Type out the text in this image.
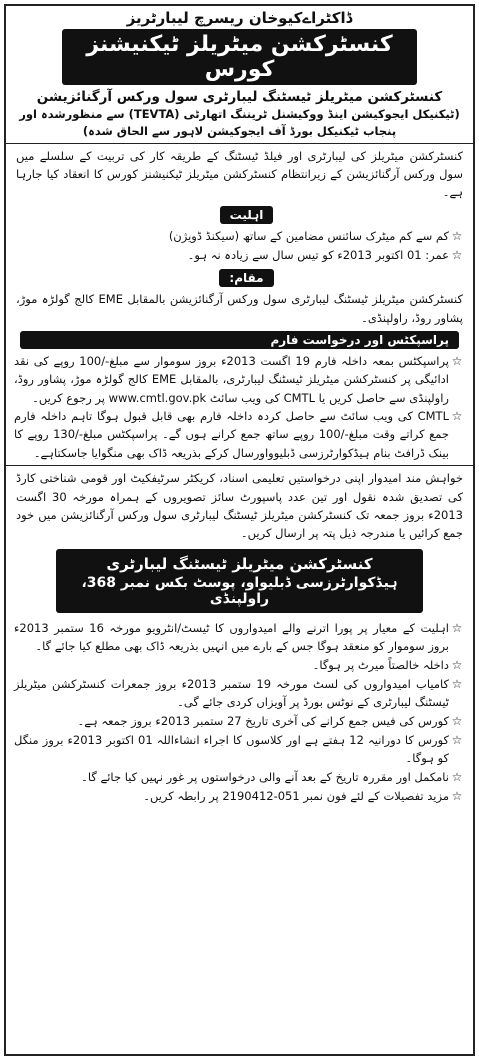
ڈاکٹراےکیوخان ریسرچ لیبارٹریز
کنسٹرکشن میٹریلز ٹیکنیشنز کورس
کنسٹرکشن میٹریلز ٹیسٹنگ لیبارٹری سول ورکس آرگنائزیشن
(ٹیکنیکل ایجوکیشن اینڈ ووکیشنل ٹریننگ اتھارٹی (TEVTA) سے منظورشدہ اور
پنجاب ٹیکنیکل بورڈ آف ایجوکیشن لاہور سے الحاق شدہ)
کنسٹرکشن میٹریلز کی لیبارٹری اور فیلڈ ٹیسٹنگ کے طریقہ کار کی تربیت کے سلسلے میں سول ورکس آرگنائزیشن کے زیرانتظام کنسٹرکشن میٹریلز ٹیکنیشنز کورس کا انعقاد کیا جارہا ہے۔
اہلیت
☆
کم سے کم میٹرک سائنس مضامین کے ساتھ (سیکنڈ ڈویژن)
☆
عمر: 01 اکتوبر 2013ء کو تیس سال سے زیادہ نہ ہو۔
مقام:
کنسٹرکشن میٹریلز ٹیسٹنگ لیبارٹری سول ورکس آرگنائزیشن بالمقابل EME کالج گولڑہ موڑ، پشاور روڈ، راولپنڈی۔
پراسپکٹس اور درخواست فارم
☆
پراسپکٹس بمعہ داخلہ فارم 19 اگست 2013ء بروز سوموار سے مبلغ-/100 روپے کی نقد ادائیگی پر کنسٹرکشن میٹریلز ٹیسٹنگ لیبارٹری، بالمقابل EME کالج گولڑہ موڑ، پشاور روڈ، راولپنڈی سے حاصل کریں یا CMTL کی ویب سائٹ www.cmtl.gov.pk پر رجوع کریں۔
☆
CMTL کی ویب سائٹ سے حاصل کردہ داخلہ فارم بھی قابل قبول ہوگا تاہم داخلہ فارم جمع کراتے وقت مبلغ-/100 روپے ساتھ جمع کرانے ہوں گے۔ پراسپکٹس مبلغ-/130 روپے کا بینک ڈرافٹ بنام ہیڈکوارٹرزسی ڈبلیوواورسال کرکے بذریعہ ڈاک بھی منگوایا جاسکتاہے۔
خواہش مند امیدوار اپنی درخواستیں تعلیمی اسناد، کریکٹر سرٹیفکیٹ اور قومی شناختی کارڈ کی تصدیق شدہ نقول اور تین عدد پاسپورٹ سائز تصویروں کے ہمراہ مورخہ 30 اگست 2013ء بروز جمعہ تک کنسٹرکشن میٹریلز ٹیسٹنگ لیبارٹری سول ورکس آرگنائزیشن میں خود جمع کرائیں یا مندرجہ ذیل پتہ پر ارسال کریں۔
کنسٹرکشن میٹریلز ٹیسٹنگ لیبارٹری
ہیڈکوارٹرزسی ڈبلیواو، پوسٹ بکس نمبر 368، راولپنڈی
☆
اہلیت کے معیار پر پورا اترنے والے امیدواروں کا ٹیسٹ/انٹرویو مورخہ 16 ستمبر 2013ء بروز سوموار کو منعقد ہوگا جس کے بارے میں انہیں بذریعہ ڈاک بھی مطلع کیا جائے گا۔
☆
داخلہ خالصتاً میرٹ پر ہوگا۔
☆
کامیاب امیدواروں کی لسٹ مورخہ 19 ستمبر 2013ء بروز جمعرات کنسٹرکشن میٹریلز ٹیسٹنگ لیبارٹری کے نوٹس بورڈ پر آویزاں کردی جائے گی۔
☆
کورس کی فیس جمع کرانے کی آخری تاریخ 27 ستمبر 2013ء بروز جمعہ ہے۔
☆
کورس کا دورانیہ 12 ہفتے ہے اور کلاسوں کا اجراء انشاءاللہ 01 اکتوبر 2013ء بروز منگل کو ہوگا۔
☆
نامکمل اور مقررہ تاریخ کے بعد آنے والی درخواستوں پر غور نہیں کیا جائے گا۔
☆
مزید تفصیلات کے لئے فون نمبر 051-2190412 پر رابطہ کریں۔
